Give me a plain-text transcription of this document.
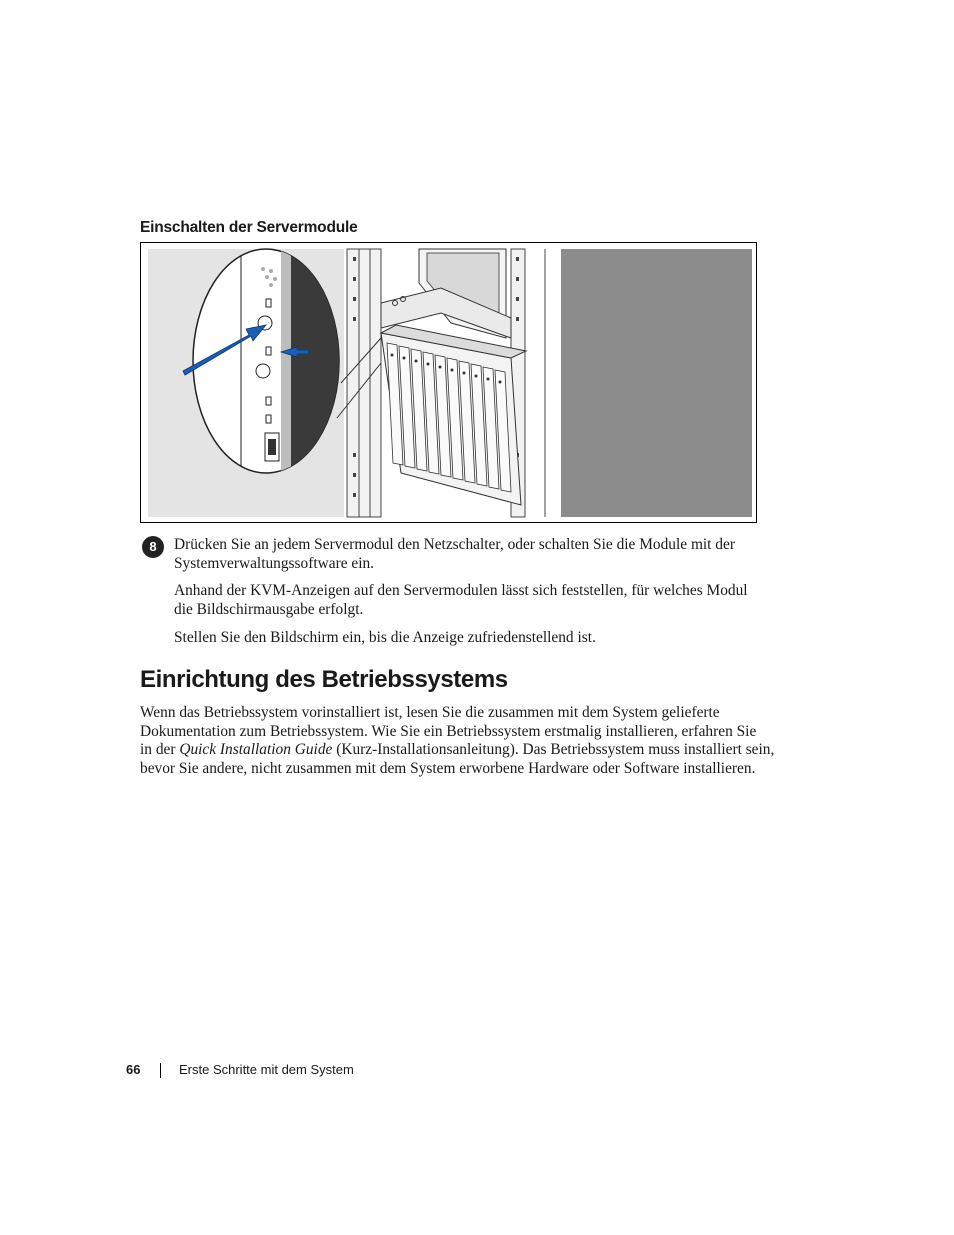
Einschalten der Servermodule
8	Drücken Sie an jedem Servermodul den Netzschalter, oder schalten Sie die Module mit der
Systemverwaltungssoftware ein.

Anhand der KVM-Anzeigen auf den Servermodulen lässt sich feststellen, für welches Modul
die Bildschirmausgabe erfolgt.

Stellen Sie den Bildschirm ein, bis die Anzeige zufriedenstellend ist.

Einrichtung des Betriebssystems

Wenn das Betriebssystem vorinstalliert ist, lesen Sie die zusammen mit dem System gelieferte
Dokumentation zum Betriebssystem. Wie Sie ein Betriebssystem erstmalig installieren, erfahren Sie
in der Quick Installation Guide (Kurz-Installationsanleitung). Das Betriebssystem muss installiert sein,
bevor Sie andere, nicht zusammen mit dem System erworbene Hardware oder Software installieren.

66	Erste Schritte mit dem System
